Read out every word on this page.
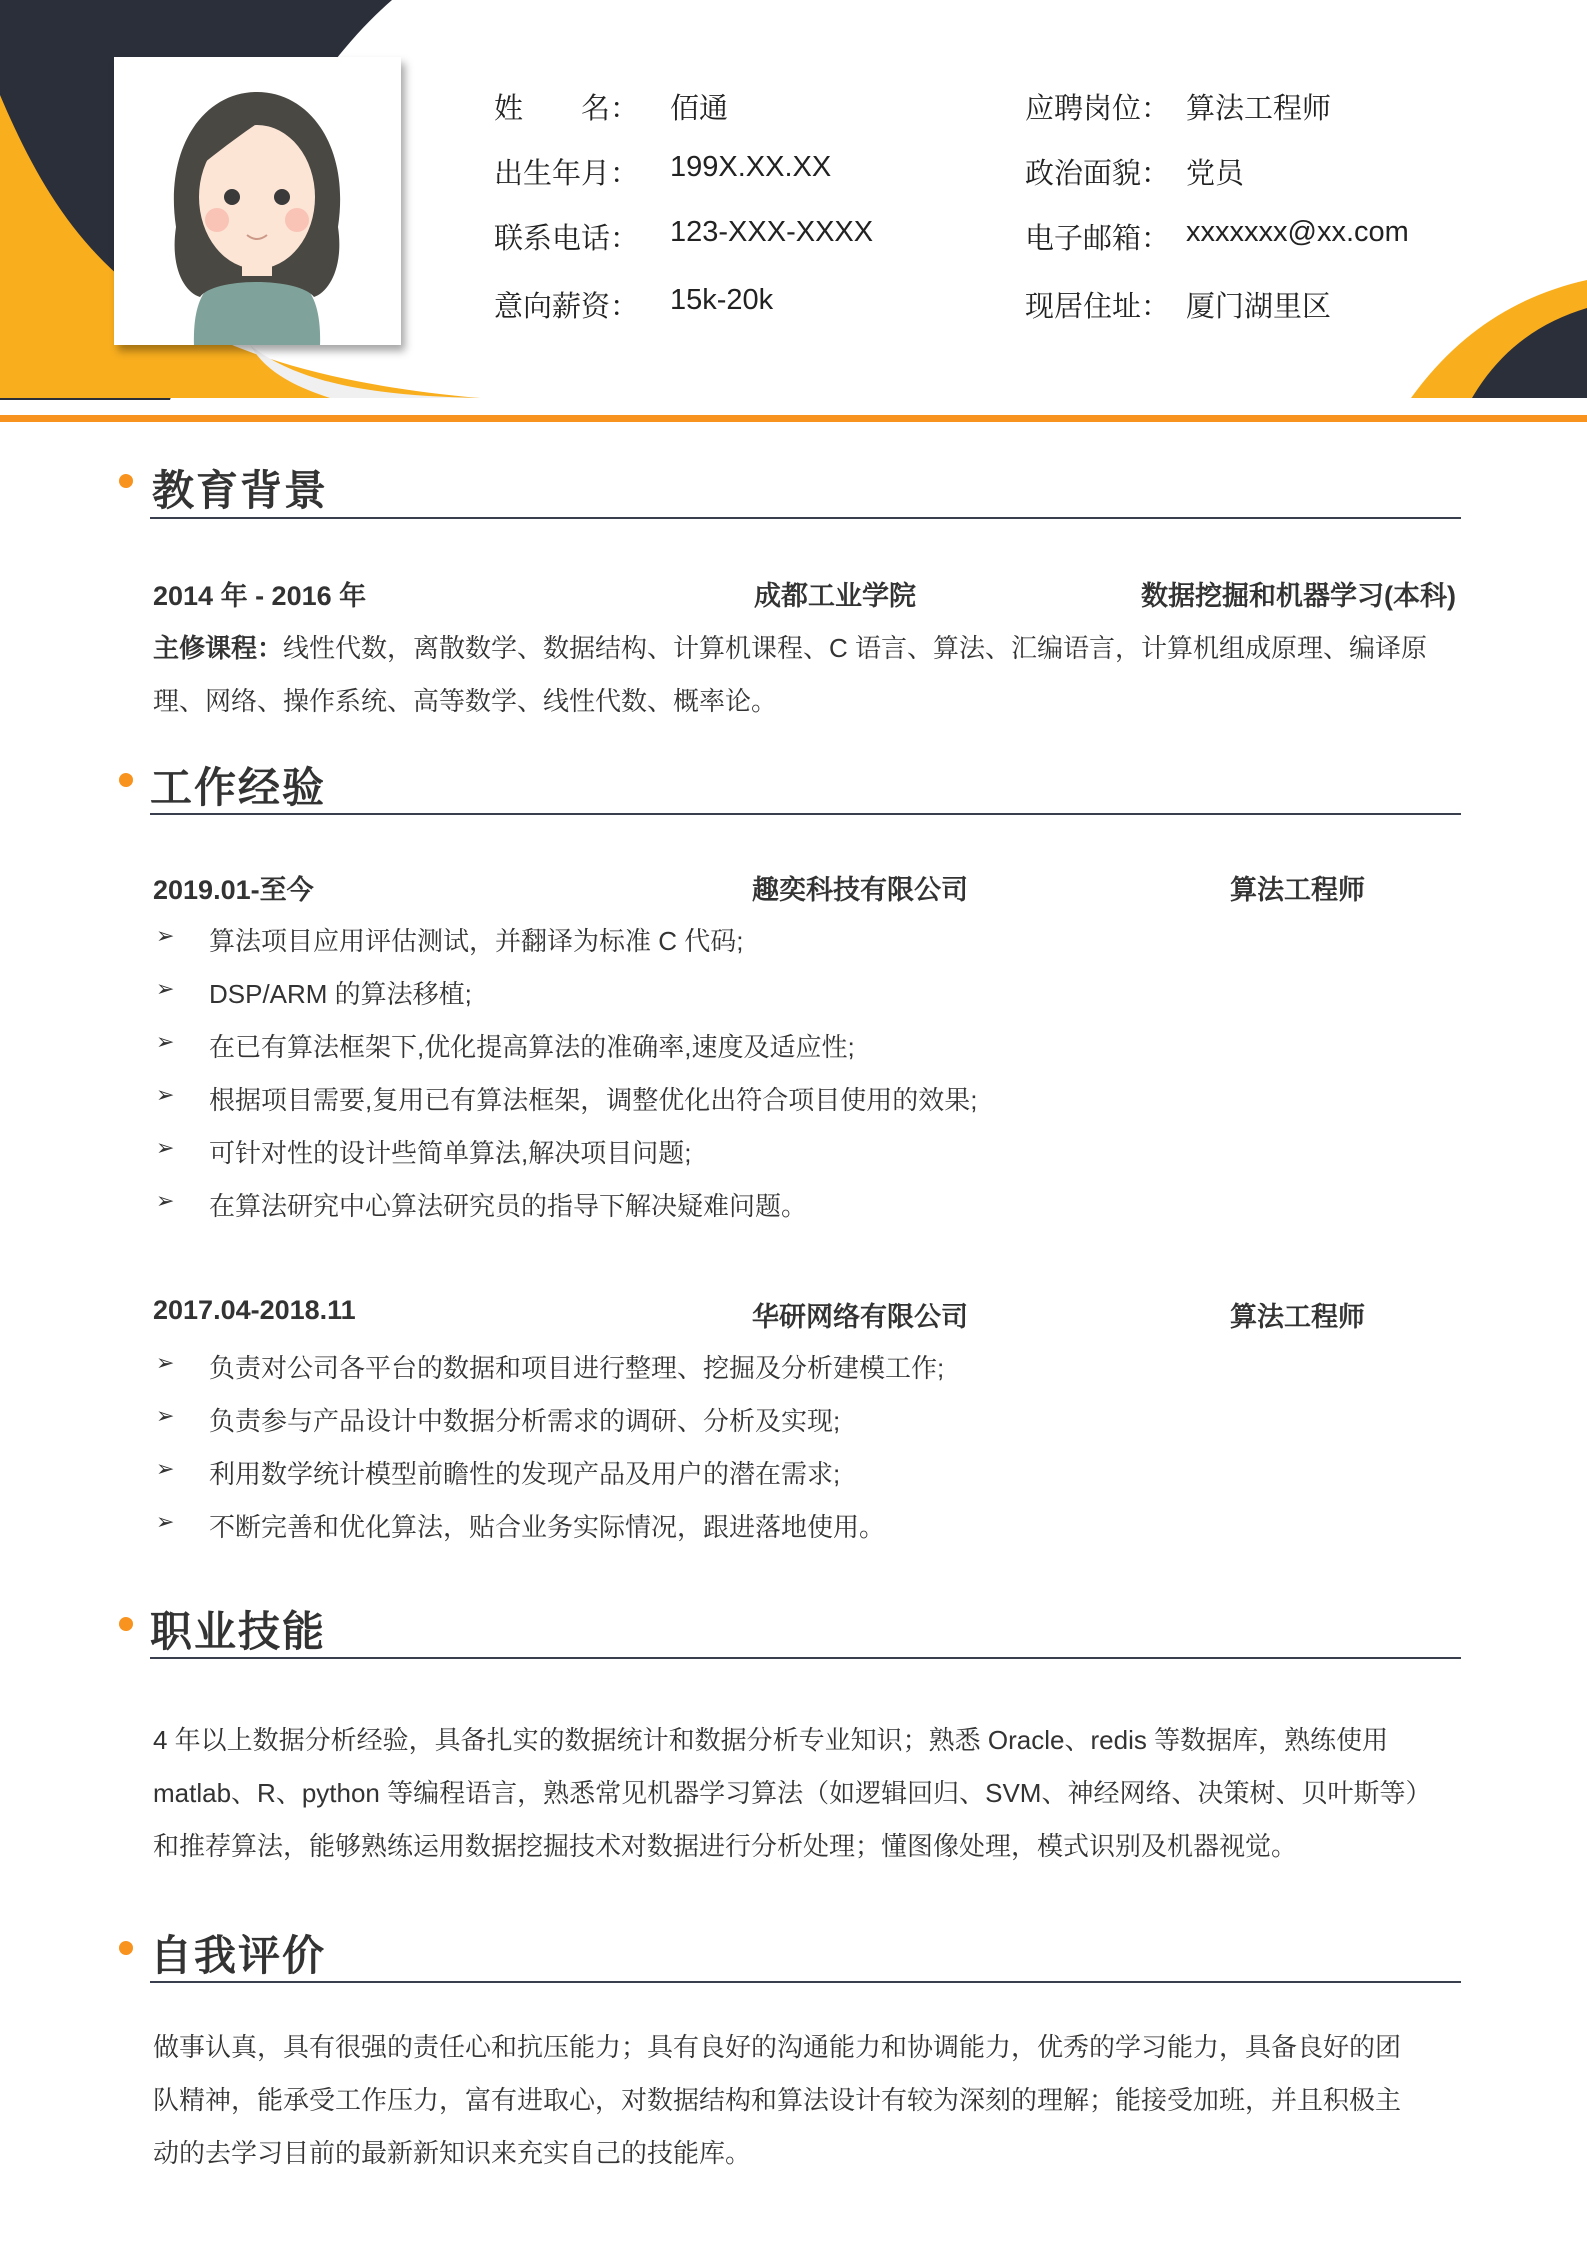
姓　　名： 佰通
出生年月： 199X.XX.XX
联系电话： 123-XXX-XXXX
意向薪资： 15k-20k
应聘岗位： 算法工程师
政治面貌： 党员
电子邮箱： xxxxxxx@xx.com
现居住址： 厦门湖里区
教育背景
2014 年 - 2016 年	成都工业学院	数据挖掘和机器学习(本科)
主修课程：线性代数，离散数学、数据结构、计算机课程、C 语言、算法、汇编语言，计算机组成原理、编译原
理、网络、操作系统、高等数学、线性代数、概率论。
工作经验
2019.01-至今	趣奕科技有限公司	算法工程师
➢ 算法项目应用评估测试，并翻译为标准 C 代码;
➢ DSP/ARM 的算法移植;
➢ 在已有算法框架下,优化提高算法的准确率,速度及适应性;
➢ 根据项目需要,复用已有算法框架，调整优化出符合项目使用的效果;
➢ 可针对性的设计些简单算法,解决项目问题;
➢ 在算法研究中心算法研究员的指导下解决疑难问题。
2017.04-2018.11	华研网络有限公司	算法工程师
➢ 负责对公司各平台的数据和项目进行整理、挖掘及分析建模工作;
➢ 负责参与产品设计中数据分析需求的调研、分析及实现;
➢ 利用数学统计模型前瞻性的发现产品及用户的潜在需求;
➢ 不断完善和优化算法，贴合业务实际情况，跟进落地使用。
职业技能
4 年以上数据分析经验，具备扎实的数据统计和数据分析专业知识；熟悉 Oracle、redis 等数据库，熟练使用
matlab、R、python 等编程语言，熟悉常见机器学习算法（如逻辑回归、SVM、神经网络、决策树、贝叶斯等）
和推荐算法，能够熟练运用数据挖掘技术对数据进行分析处理；懂图像处理，模式识别及机器视觉。
自我评价
做事认真，具有很强的责任心和抗压能力；具有良好的沟通能力和协调能力，优秀的学习能力，具备良好的团
队精神，能承受工作压力，富有进取心，对数据结构和算法设计有较为深刻的理解；能接受加班，并且积极主
动的去学习目前的最新新知识来充实自己的技能库。
